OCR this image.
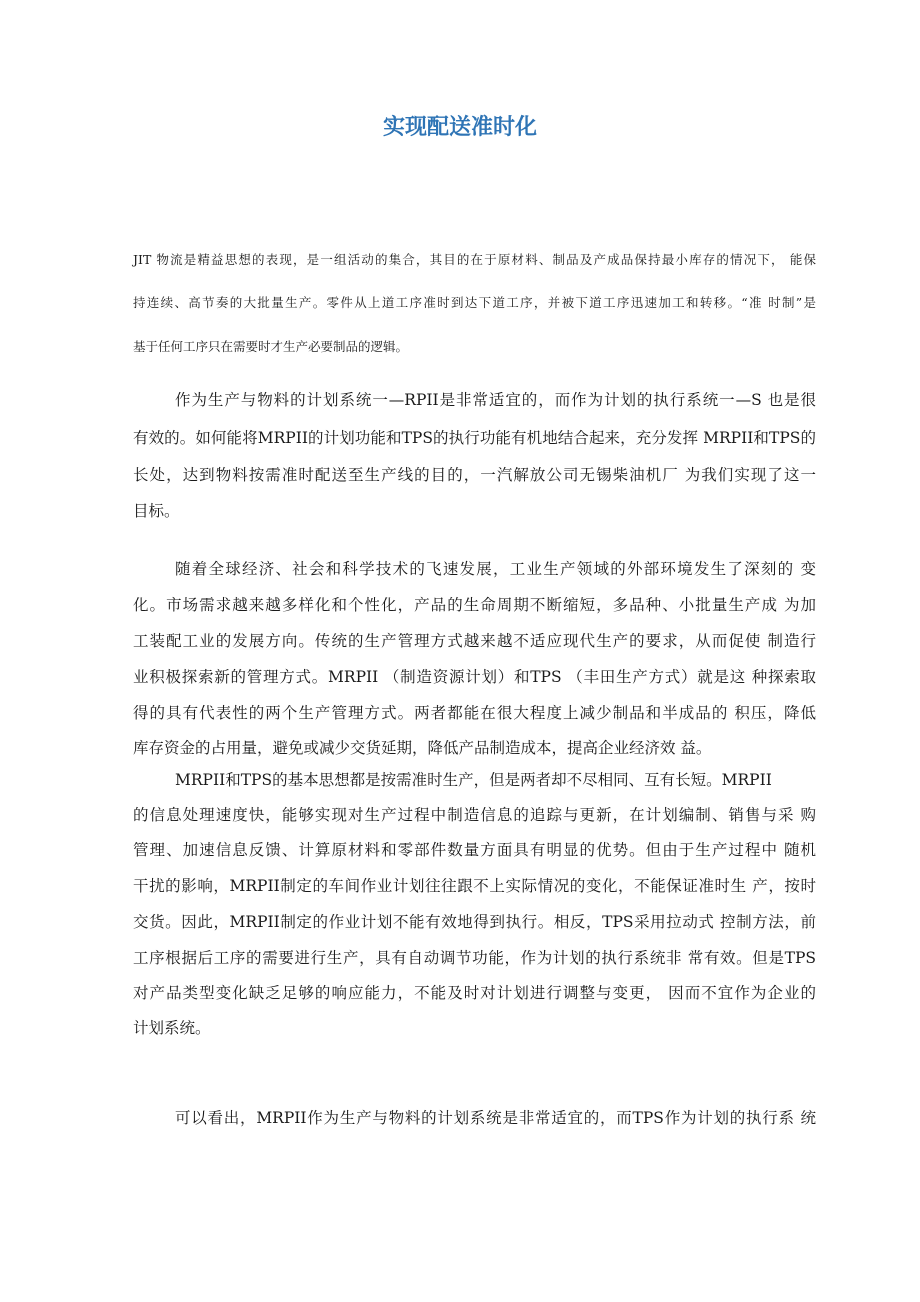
实现配送准时化
JIT 物流是精益思想的表现，是一组活动的集合，其目的在于原材料、制品及产成品保持最小库存的情况下， 能保
持连续、高节奏的大批量生产。零件从上道工序准时到达下道工序，并被下道工序迅速加工和转移。“准 时制”是
基于任何工序只在需要时才生产必要制品的逻辑。
作为生产与物料的计划系统一—RPII是非常适宜的，而作为计划的执行系统一—S 也是很
有效的。如何能将MRPII的计划功能和TPS的执行功能有机地结合起来，充分发挥 MRPII和TPS的
长处，达到物料按需准时配送至生产线的目的，一汽解放公司无锡柴油机厂 为我们实现了这一
目标。
随着全球经济、社会和科学技术的飞速发展，工业生产领域的外部环境发生了深刻的 变
化。市场需求越来越多样化和个性化，产品的生命周期不断缩短，多品种、小批量生产成 为加
工装配工业的发展方向。传统的生产管理方式越来越不适应现代生产的要求，从而促使 制造行
业积极探索新的管理方式。MRPII （制造资源计划）和TPS （丰田生产方式）就是这 种探索取
得的具有代表性的两个生产管理方式。两者都能在很大程度上减少制品和半成品的 积压，降低
库存资金的占用量，避免或减少交货延期，降低产品制造成本，提高企业经济效 益。
MRPII和TPS的基本思想都是按需准时生产，但是两者却不尽相同、互有长短。MRPII
的信息处理速度快，能够实现对生产过程中制造信息的追踪与更新，在计划编制、销售与采 购
管理、加速信息反馈、计算原材料和零部件数量方面具有明显的优势。但由于生产过程中 随机
干扰的影响，MRPII制定的车间作业计划往往跟不上实际情况的变化，不能保证准时生 产，按时
交货。因此，MRPII制定的作业计划不能有效地得到执行。相反，TPS采用拉动式 控制方法，前
工序根据后工序的需要进行生产，具有自动调节功能，作为计划的执行系统非 常有效。但是TPS
对产品类型变化缺乏足够的响应能力，不能及时对计划进行调整与变更， 因而不宜作为企业的
计划系统。
可以看出，MRPII作为生产与物料的计划系统是非常适宜的，而TPS作为计划的执行系 统
